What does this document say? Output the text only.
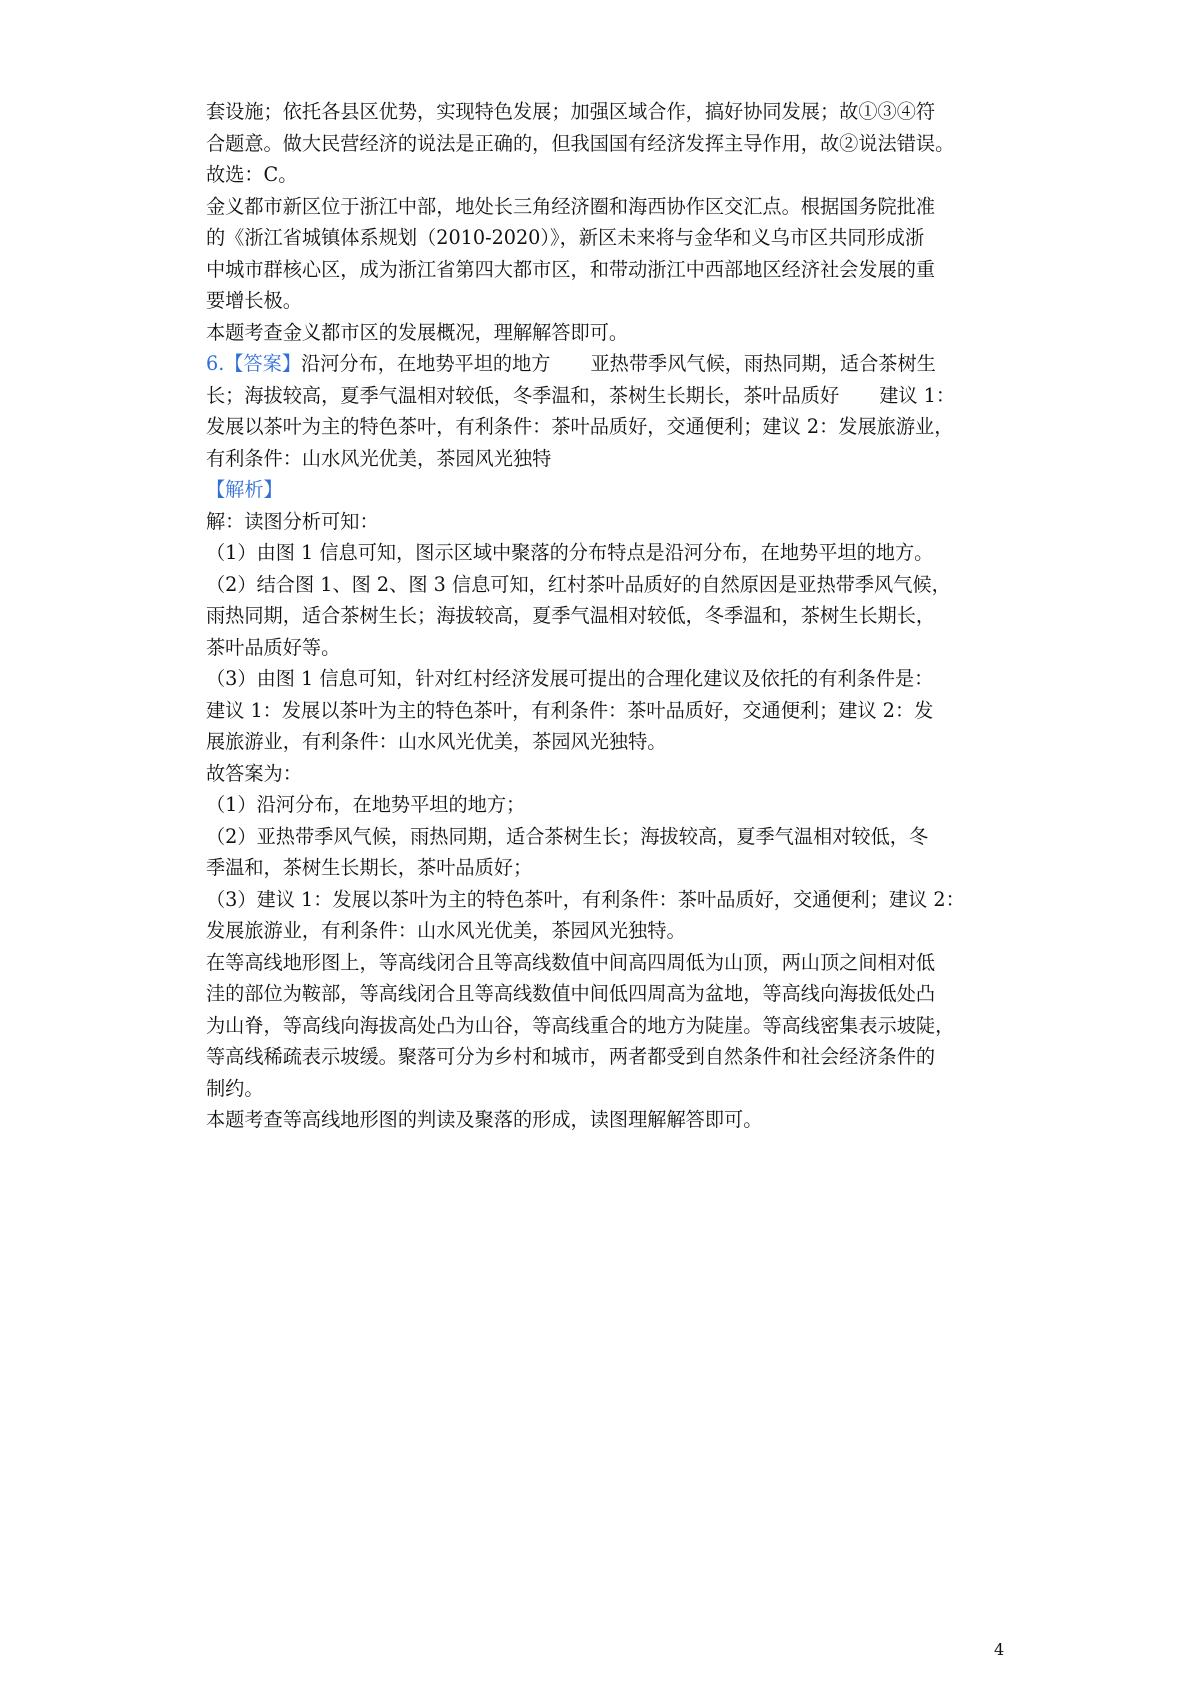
套设施；依托各县区优势，实现特色发展；加强区域合作，搞好协同发展；故①③④符
合题意。做大民营经济的说法是正确的，但我国国有经济发挥主导作用，故②说法错误。
故选：C。
金义都市新区位于浙江中部，地处长三角经济圈和海西协作区交汇点。根据国务院批准
的《浙江省城镇体系规划（2010-2020）》，新区未来将与金华和义乌市区共同形成浙
中城市群核心区，成为浙江省第四大都市区，和带动浙江中西部地区经济社会发展的重
要增长极。
本题考查金义都市区的发展概况，理解解答即可。
6.【答案】沿河分布，在地势平坦的地方 亚热带季风气候，雨热同期，适合茶树生
长；海拔较高，夏季气温相对较低，冬季温和，茶树生长期长，茶叶品质好 建议 1：
发展以茶叶为主的特色茶叶，有利条件：茶叶品质好，交通便利；建议 2：发展旅游业，
有利条件：山水风光优美，茶园风光独特
【解析】
解：读图分析可知：
（1）由图 1 信息可知，图示区域中聚落的分布特点是沿河分布，在地势平坦的地方。
（2）结合图 1、图 2、图 3 信息可知，红村茶叶品质好的自然原因是亚热带季风气候，
雨热同期，适合茶树生长；海拔较高，夏季气温相对较低，冬季温和，茶树生长期长，
茶叶品质好等。
（3）由图 1 信息可知，针对红村经济发展可提出的合理化建议及依托的有利条件是：
建议 1：发展以茶叶为主的特色茶叶，有利条件：茶叶品质好，交通便利；建议 2：发
展旅游业，有利条件：山水风光优美，茶园风光独特。
故答案为：
（1）沿河分布，在地势平坦的地方；
（2）亚热带季风气候，雨热同期，适合茶树生长；海拔较高，夏季气温相对较低，冬
季温和，茶树生长期长，茶叶品质好；
（3）建议 1：发展以茶叶为主的特色茶叶，有利条件：茶叶品质好，交通便利；建议 2：
发展旅游业，有利条件：山水风光优美，茶园风光独特。
在等高线地形图上，等高线闭合且等高线数值中间高四周低为山顶，两山顶之间相对低
洼的部位为鞍部，等高线闭合且等高线数值中间低四周高为盆地，等高线向海拔低处凸
为山脊，等高线向海拔高处凸为山谷，等高线重合的地方为陡崖。等高线密集表示坡陡，
等高线稀疏表示坡缓。聚落可分为乡村和城市，两者都受到自然条件和社会经济条件的
制约。
本题考查等高线地形图的判读及聚落的形成，读图理解解答即可。
4
